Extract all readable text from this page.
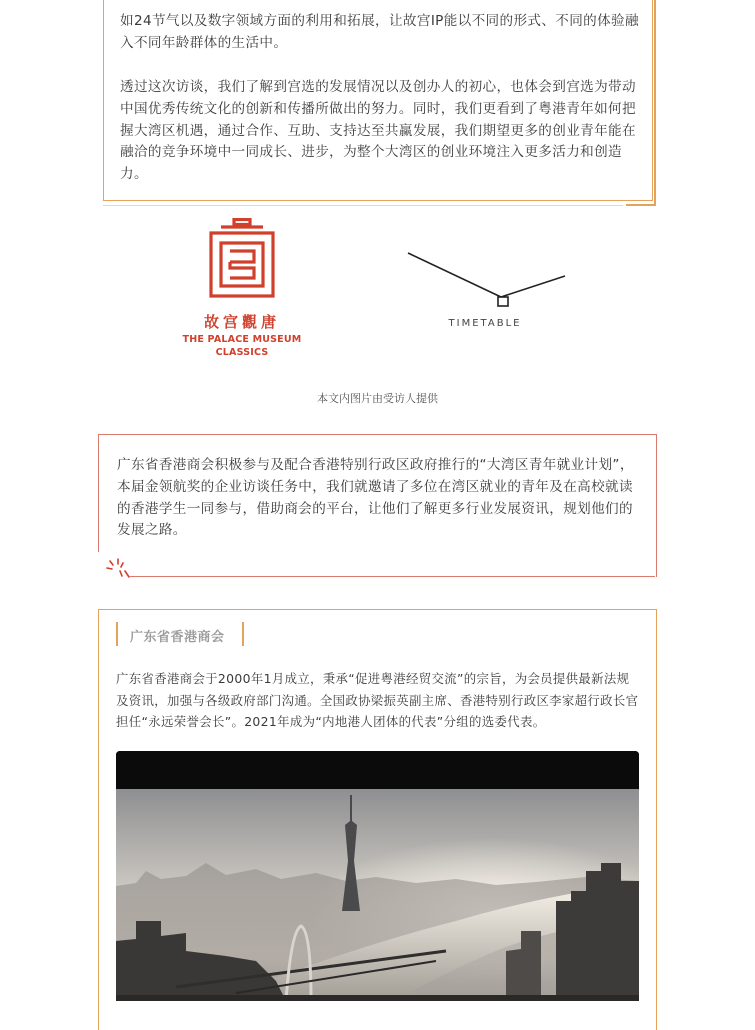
如24节气以及数字领域方面的利用和拓展，让故宫IP能以不同的形式、不同的体验融入不同年龄群体的生活中。

透过这次访谈，我们了解到宫选的发展情况以及创办人的初心，也体会到宫选为带动中国优秀传统文化的创新和传播所做出的努力。同时，我们更看到了粤港青年如何把握大湾区机遇，通过合作、互助、支持达至共赢发展，我们期望更多的创业青年能在融洽的竞争环境中一同成长、进步，为整个大湾区的创业环境注入更多活力和创造力。

故宫觀唐
THE PALACE MUSEUM
CLASSICS
TIMETABLE
本文内图片由受访人提供

广东省香港商会积极参与及配合香港特别行政区政府推行的“大湾区青年就业计划”，本届金领航奖的企业访谈任务中，我们就邀请了多位在湾区就业的青年及在高校就读的香港学生一同参与，借助商会的平台，让他们了解更多行业发展资讯，规划他们的发展之路。

广东省香港商会

广东省香港商会于2000年1月成立，秉承“促进粤港经贸交流”的宗旨，为会员提供最新法规及资讯，加强与各级政府部门沟通。全国政协梁振英副主席、香港特别行政区李家超行政长官担任“永远荣誉会长”。2021年成为“内地港人团体的代表”分组的选委代表。
